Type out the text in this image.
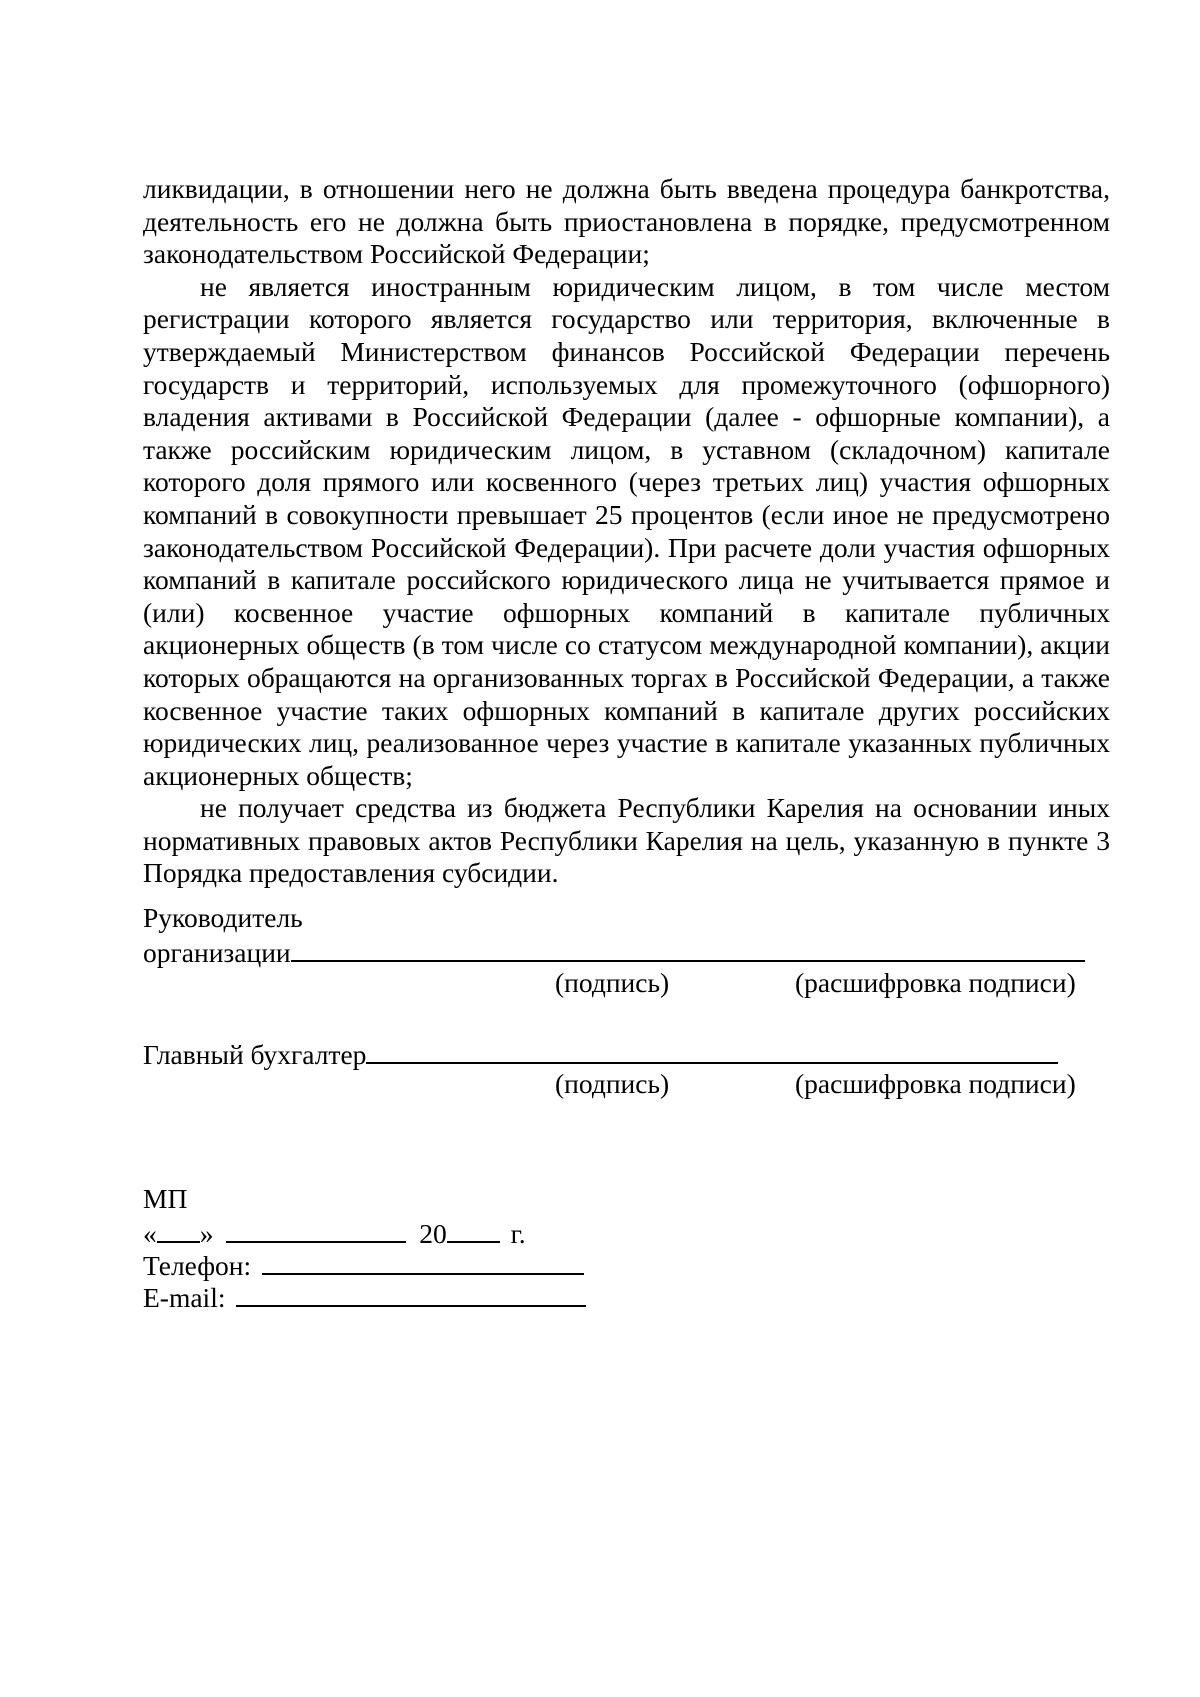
ликвидации, в отношении него не должна быть введена процедура банкротства, деятельность его не должна быть приостановлена в порядке, предусмотренном законодательством Российской Федерации;

не является иностранным юридическим лицом, в том числе местом регистрации которого является государство или территория, включенные в утверждаемый Министерством финансов Российской Федерации перечень государств и территорий, используемых для промежуточного (офшорного) владения активами в Российской Федерации (далее - офшорные компании), а также российским юридическим лицом, в уставном (складочном) капитале которого доля прямого или косвенного (через третьих лиц) участия офшорных компаний в совокупности превышает 25 процентов (если иное не предусмотрено законодательством Российской Федерации). При расчете доли участия офшорных компаний в капитале российского юридического лица не учитывается прямое и (или) косвенное участие офшорных компаний в капитале публичных акционерных обществ (в том числе со статусом международной компании), акции которых обращаются на организованных торгах в Российской Федерации, а также косвенное участие таких офшорных компаний в капитале других российских юридических лиц, реализованное через участие в капитале указанных публичных акционерных обществ;

не получает средства из бюджета Республики Карелия на основании иных нормативных правовых актов Республики Карелия на цель, указанную в пункте 3 Порядка предоставления субсидии.

Руководитель
организации
(подпись)	(расшифровка подписи)
Главный бухгалтер
(подпись)	(расшифровка подписи)
МП
« »	20 г.
Телефон:
E-mail:
